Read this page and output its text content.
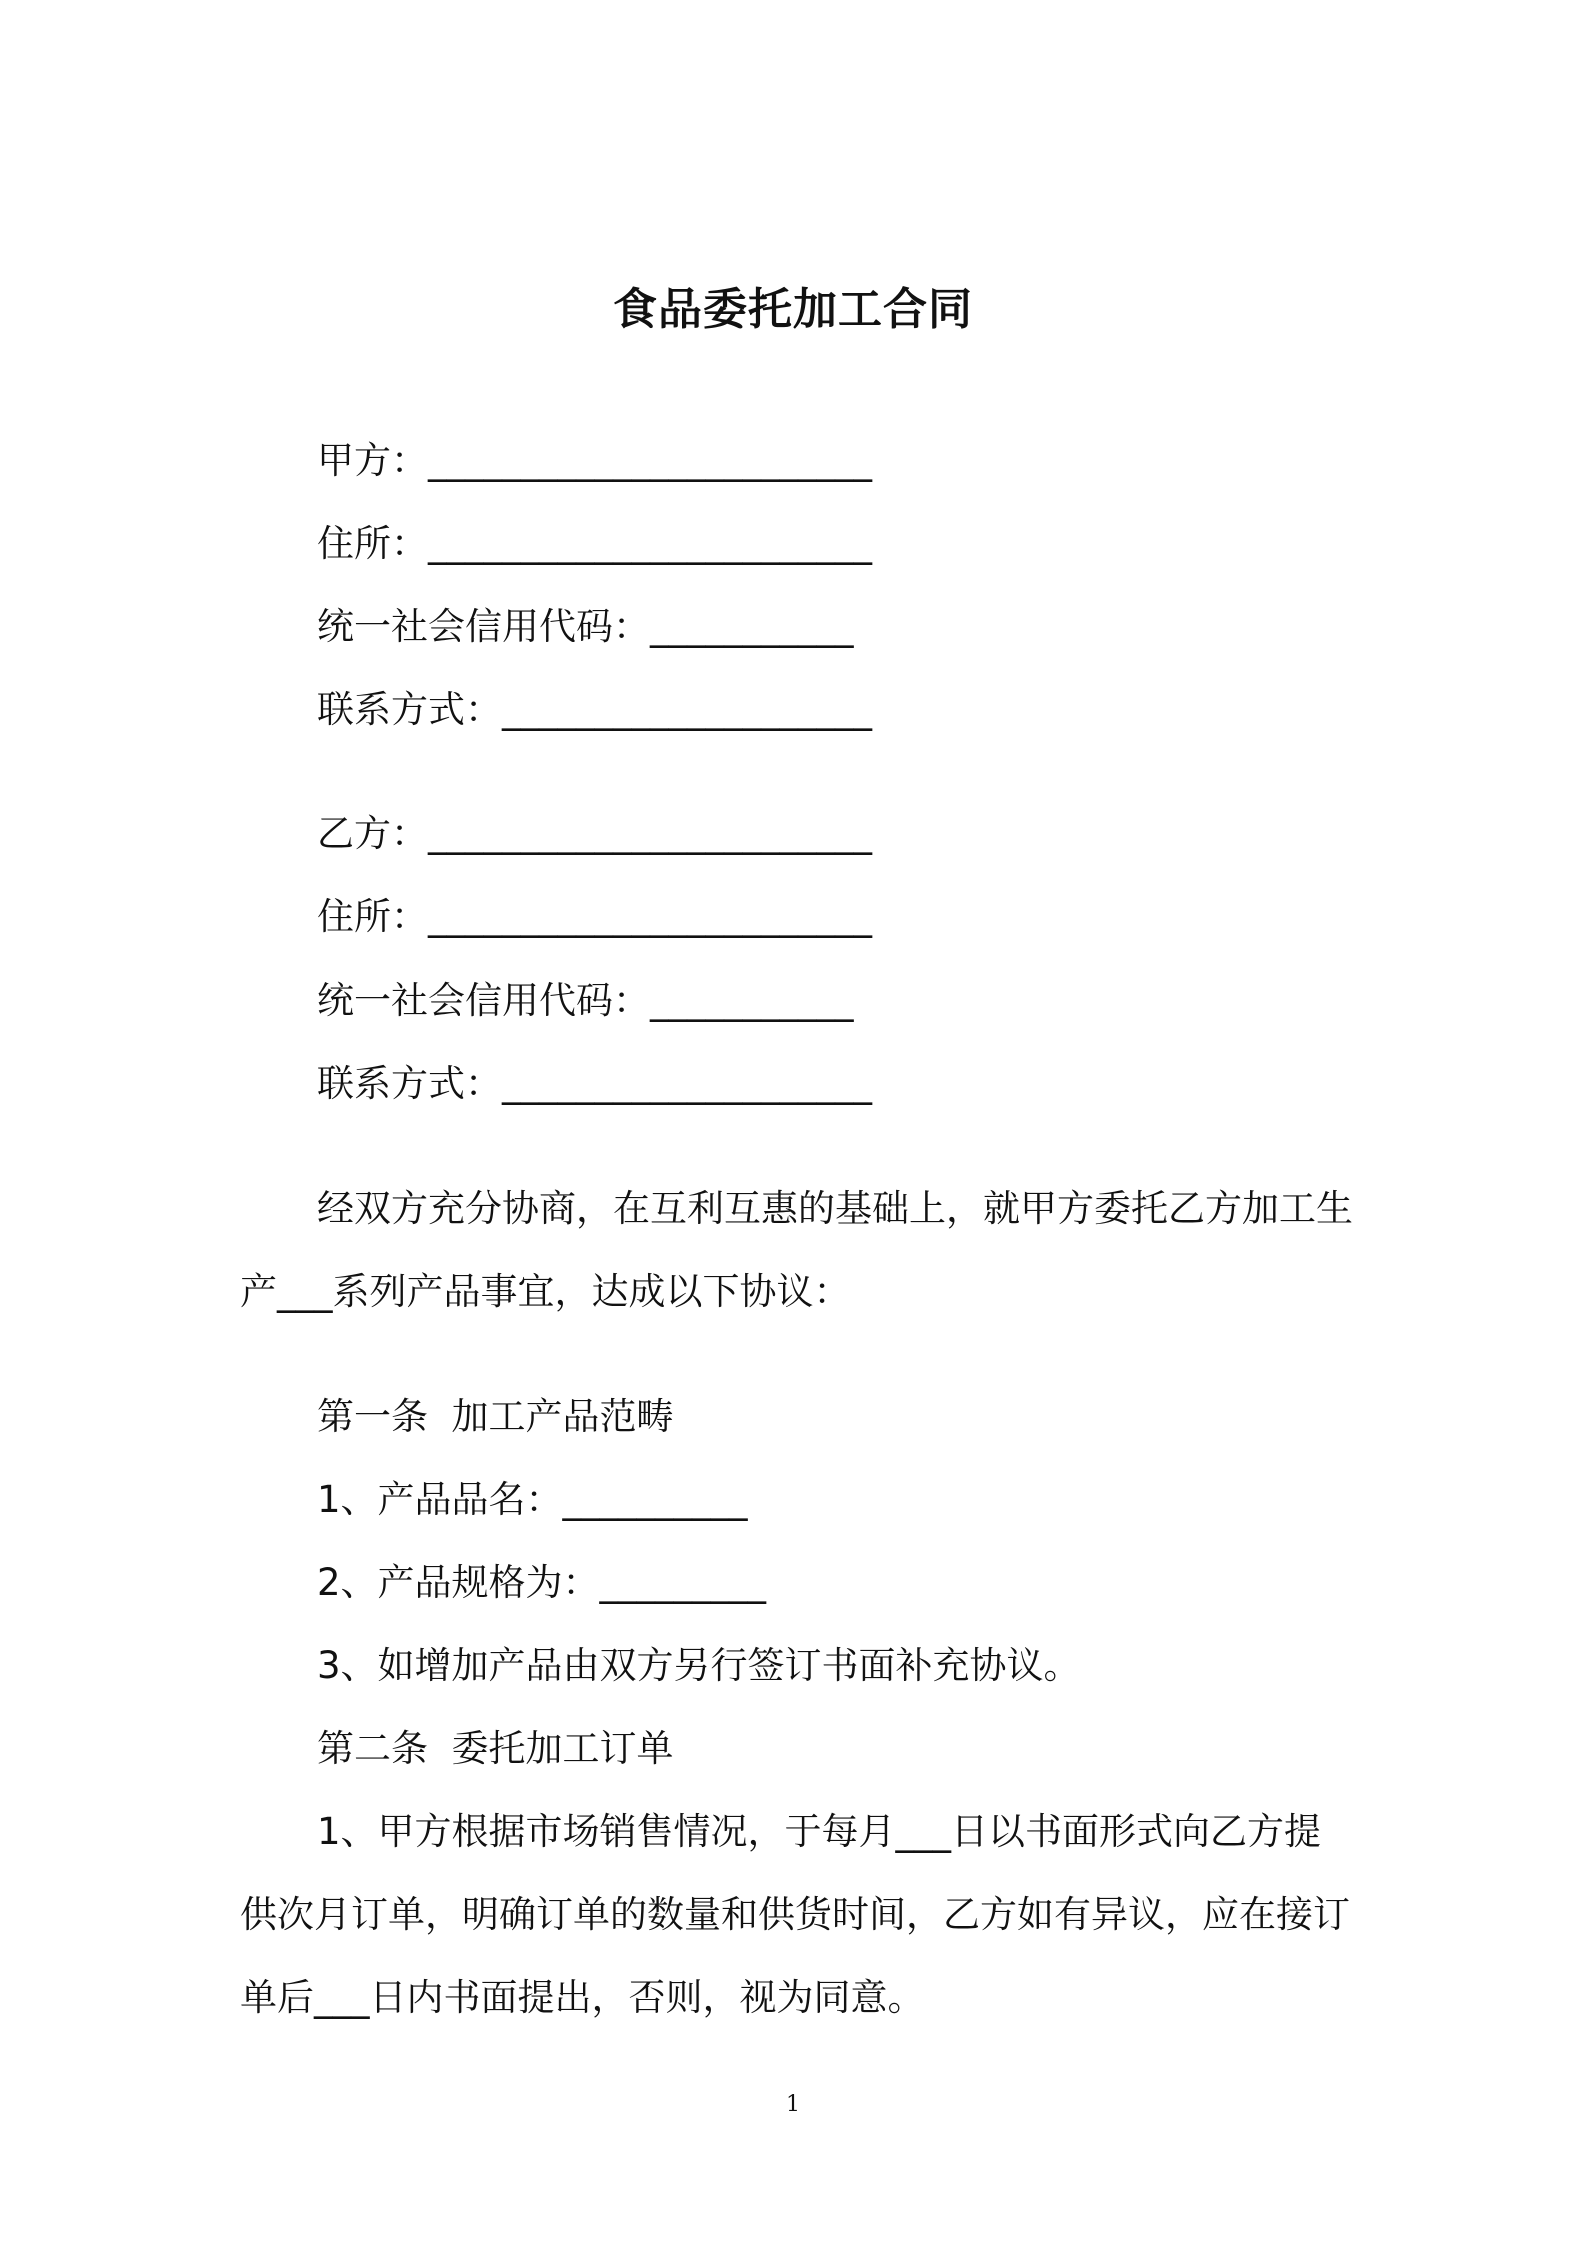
食品委托加工合同
甲方：________________________
住所：________________________
统一社会信用代码：___________
联系方式：____________________
乙方：________________________
住所：________________________
统一社会信用代码：___________
联系方式：____________________
经双方充分协商，在互利互惠的基础上，就甲方委托乙方加工生
产___系列产品事宜，达成以下协议：
第一条  加工产品范畴
1、产品品名：__________
2、产品规格为：_________
3、如增加产品由双方另行签订书面补充协议。
第二条  委托加工订单
1、甲方根据市场销售情况，于每月___日以书面形式向乙方提
供次月订单，明确订单的数量和供货时间，乙方如有异议，应在接订
单后___日内书面提出，否则，视为同意。
1
